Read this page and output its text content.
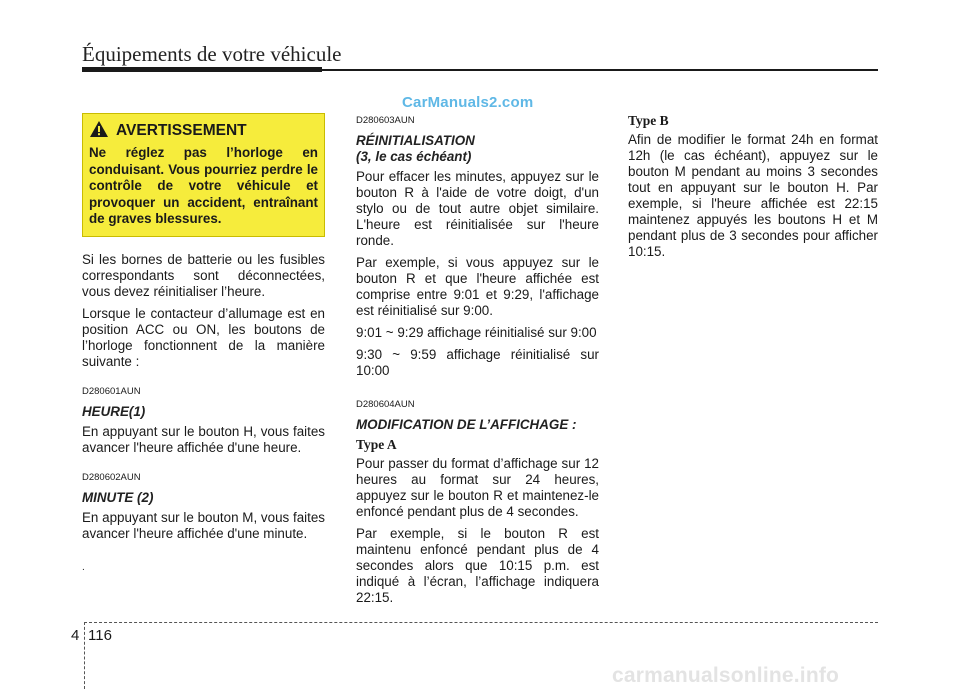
Équipements de votre véhicule
CarManuals2.com
AVERTISSEMENT
Ne réglez pas l’horloge en conduisant. Vous pourriez perdre le contrôle de votre véhicule et provoquer un accident, entraînant de graves blessures.

Si les bornes de batterie ou les fusibles correspondants sont déconnectées, vous devez réinitialiser l’heure.

Lorsque le contacteur d’allumage est en position ACC ou ON, les boutons de l’horloge fonctionnent de la manière suivante :

D280601AUN
HEURE(1)

En appuyant sur le bouton H, vous faites avancer l'heure affichée d'une heure.

D280602AUN
MINUTE (2)

En appuyant sur le bouton M, vous faites avancer l'heure affichée d'une minute.

.
D280603AUN
RÉINITIALISATION
(3, le cas échéant)

Pour effacer les minutes, appuyez sur le bouton R à l'aide de votre doigt, d'un stylo ou de tout autre objet similaire. L'heure est réinitialisée sur l'heure ronde.

Par exemple, si vous appuyez sur le bouton R et que l'heure affichée est comprise entre 9:01 et 9:29, l'affichage est réinitialisé sur 9:00.

9:01 ~ 9:29 affichage réinitialisé sur 9:00

9:30 ~ 9:59 affichage réinitialisé sur 10:00

D280604AUN
MODIFICATION DE L’AFFICHAGE :
Type A

Pour passer du format d’affichage sur 12 heures au format sur 24 heures, appuyez sur le bouton R et maintenez-le enfoncé pendant plus de 4 secondes.

Par exemple, si le bouton R est maintenu enfoncé pendant plus de 4 secondes alors que 10:15 p.m. est indiqué à l’écran, l’affichage indiquera 22:15.

Type B

Afin de modifier le format 24h en format 12h (le cas échéant), appuyez sur le bouton M pendant au moins 3 secondes tout en appuyant sur le bouton H. Par exemple, si l'heure affichée est 22:15 maintenez appuyés les boutons H et M pendant plus de 3 secondes pour afficher 10:15.

4 116
carmanualsonline.info
